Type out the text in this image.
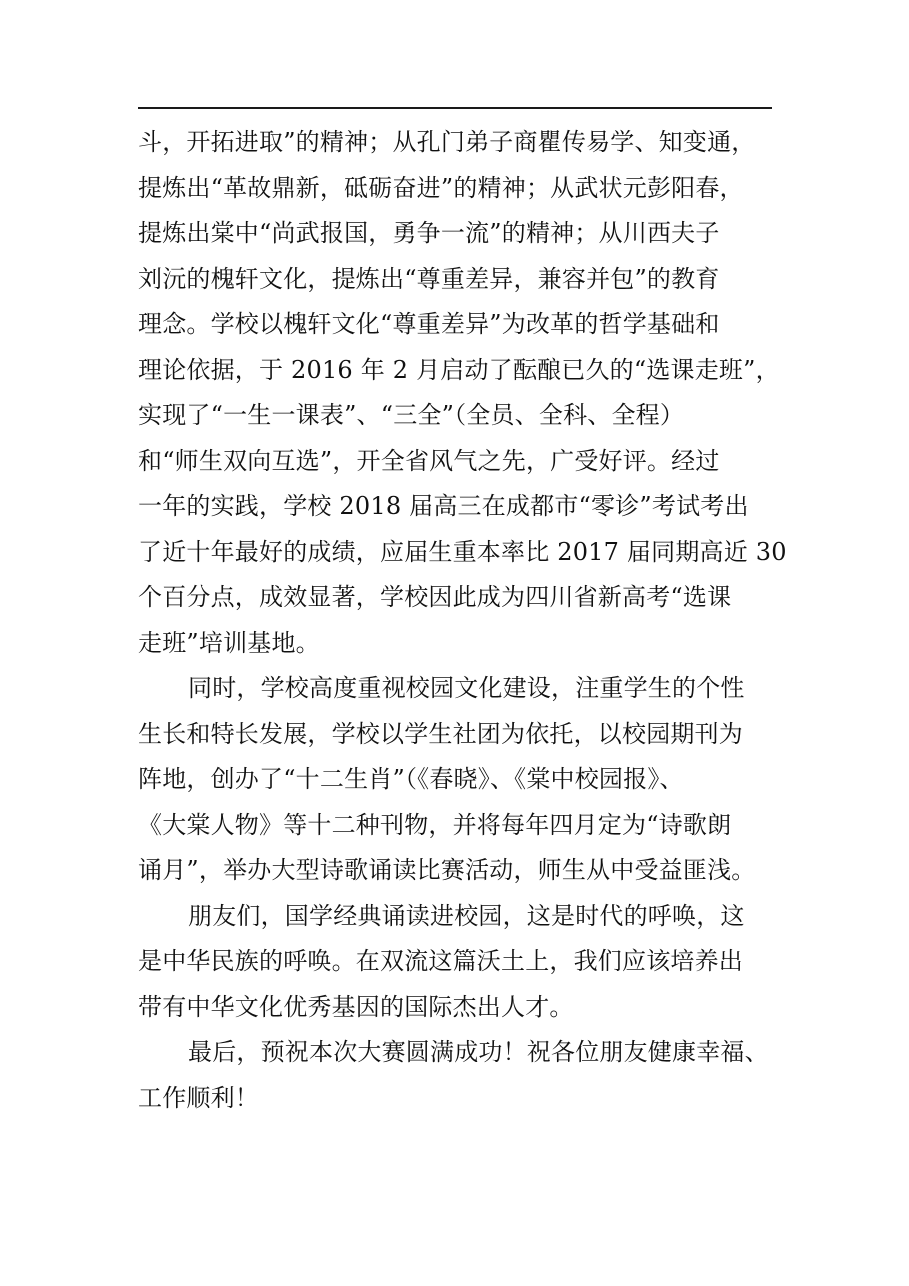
斗，开拓进取”的精神；从孔门弟子商瞿传易学、知变通，
提炼出“革故鼎新，砥砺奋进”的精神；从武状元彭阳春，
提炼出棠中“尚武报国，勇争一流”的精神；从川西夫子
刘沅的槐轩文化，提炼出“尊重差异，兼容并包”的教育
理念。学校以槐轩文化“尊重差异”为改革的哲学基础和
理论依据，于 2016 年 2 月启动了酝酿已久的“选课走班”，
实现了“一生一课表”、“三全”（全员、全科、全程）
和“师生双向互选”，开全省风气之先，广受好评。经过
一年的实践，学校 2018 届高三在成都市“零诊”考试考出
了近十年最好的成绩，应届生重本率比 2017 届同期高近 30
个百分点，成效显著，学校因此成为四川省新高考“选课
走班”培训基地。
同时，学校高度重视校园文化建设，注重学生的个性
生长和特长发展，学校以学生社团为依托，以校园期刊为
阵地，创办了“十二生肖”（《春晓》、《棠中校园报》、
《大棠人物》等十二种刊物，并将每年四月定为“诗歌朗
诵月”，举办大型诗歌诵读比赛活动，师生从中受益匪浅。
朋友们，国学经典诵读进校园，这是时代的呼唤，这
是中华民族的呼唤。在双流这篇沃土上，我们应该培养出
带有中华文化优秀基因的国际杰出人才。
最后，预祝本次大赛圆满成功！祝各位朋友健康幸福、
工作顺利！
